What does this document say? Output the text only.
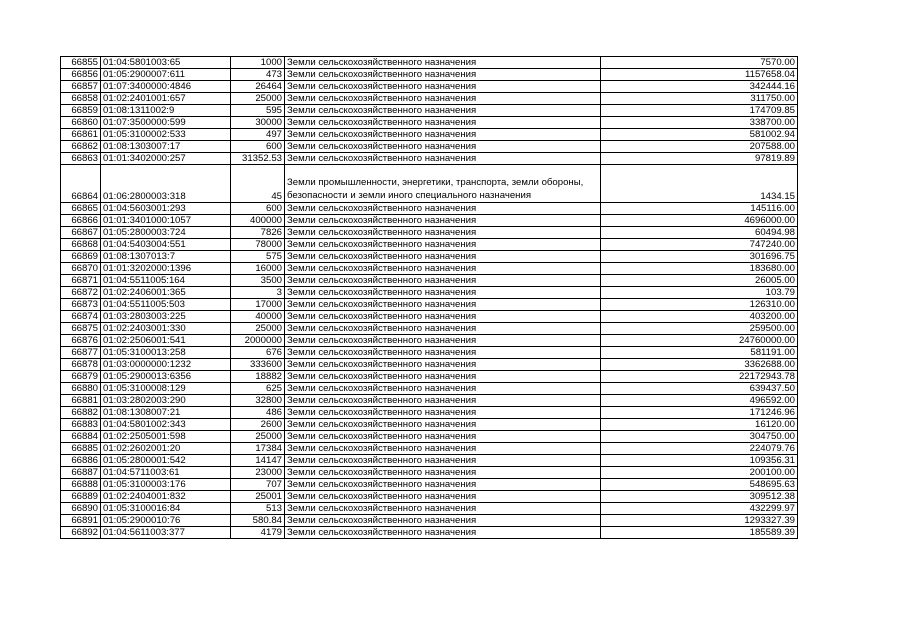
66855	01:04:5801003:65	1000	Земли сельскохозяйственного назначения	7570.00
66856	01:05:2900007:611	473	Земли сельскохозяйственного назначения	1157658.04
66857	01:07:3400000:4846	26464	Земли сельскохозяйственного назначения	342444.16
66858	01:02:2401001:657	25000	Земли сельскохозяйственного назначения	311750.00
66859	01:08:1311002:9	595	Земли сельскохозяйственного назначения	174709.85
66860	01:07:3500000:599	30000	Земли сельскохозяйственного назначения	338700.00
66861	01:05:3100002:533	497	Земли сельскохозяйственного назначения	581002.94
66862	01:08:1303007:17	600	Земли сельскохозяйственного назначения	207588.00
66863	01:01:3402000:257	31352.53	Земли сельскохозяйственного назначения	97819.89
66864	01:06:2800003:318	45	Земли промышленности, энергетики, транспорта, земли обороны, безопасности и земли иного специального назначения	1434.15
66865	01:04:5603001:293	600	Земли сельскохозяйственного назначения	145116.00
66866	01:01:3401000:1057	400000	Земли сельскохозяйственного назначения	4696000.00
66867	01:05:2800003:724	7826	Земли сельскохозяйственного назначения	60494.98
66868	01:04:5403004:551	78000	Земли сельскохозяйственного назначения	747240.00
66869	01:08:1307013:7	575	Земли сельскохозяйственного назначения	301696.75
66870	01:01:3202000:1396	16000	Земли сельскохозяйственного назначения	183680.00
66871	01:04:5511005:164	3500	Земли сельскохозяйственного назначения	26005.00
66872	01:02:2406001:365	3	Земли сельскохозяйственного назначения	103.79
66873	01:04:5511005:503	17000	Земли сельскохозяйственного назначения	126310.00
66874	01:03:2803003:225	40000	Земли сельскохозяйственного назначения	403200.00
66875	01:02:2403001:330	25000	Земли сельскохозяйственного назначения	259500.00
66876	01:02:2506001:541	2000000	Земли сельскохозяйственного назначения	24760000.00
66877	01:05:3100013:258	676	Земли сельскохозяйственного назначения	581191.00
66878	01:03:0000000:1232	333600	Земли сельскохозяйственного назначения	3362688.00
66879	01:05:2900013:6356	18882	Земли сельскохозяйственного назначения	22172943.78
66880	01:05:3100008:129	625	Земли сельскохозяйственного назначения	639437.50
66881	01:03:2802003:290	32800	Земли сельскохозяйственного назначения	496592.00
66882	01:08:1308007:21	486	Земли сельскохозяйственного назначения	171246.96
66883	01:04:5801002:343	2600	Земли сельскохозяйственного назначения	16120.00
66884	01:02:2505001:598	25000	Земли сельскохозяйственного назначения	304750.00
66885	01:02:2602001:20	17384	Земли сельскохозяйственного назначения	224079.76
66886	01:05:2800001:542	14147	Земли сельскохозяйственного назначения	109356.31
66887	01:04:5711003:61	23000	Земли сельскохозяйственного назначения	200100.00
66888	01:05:3100003:176	707	Земли сельскохозяйственного назначения	548695.63
66889	01:02:2404001:832	25001	Земли сельскохозяйственного назначения	309512.38
66890	01:05:3100016:84	513	Земли сельскохозяйственного назначения	432299.97
66891	01:05:2900010:76	580.84	Земли сельскохозяйственного назначения	1293327.39
66892	01:04:5611003:377	4179	Земли сельскохозяйственного назначения	185589.39
